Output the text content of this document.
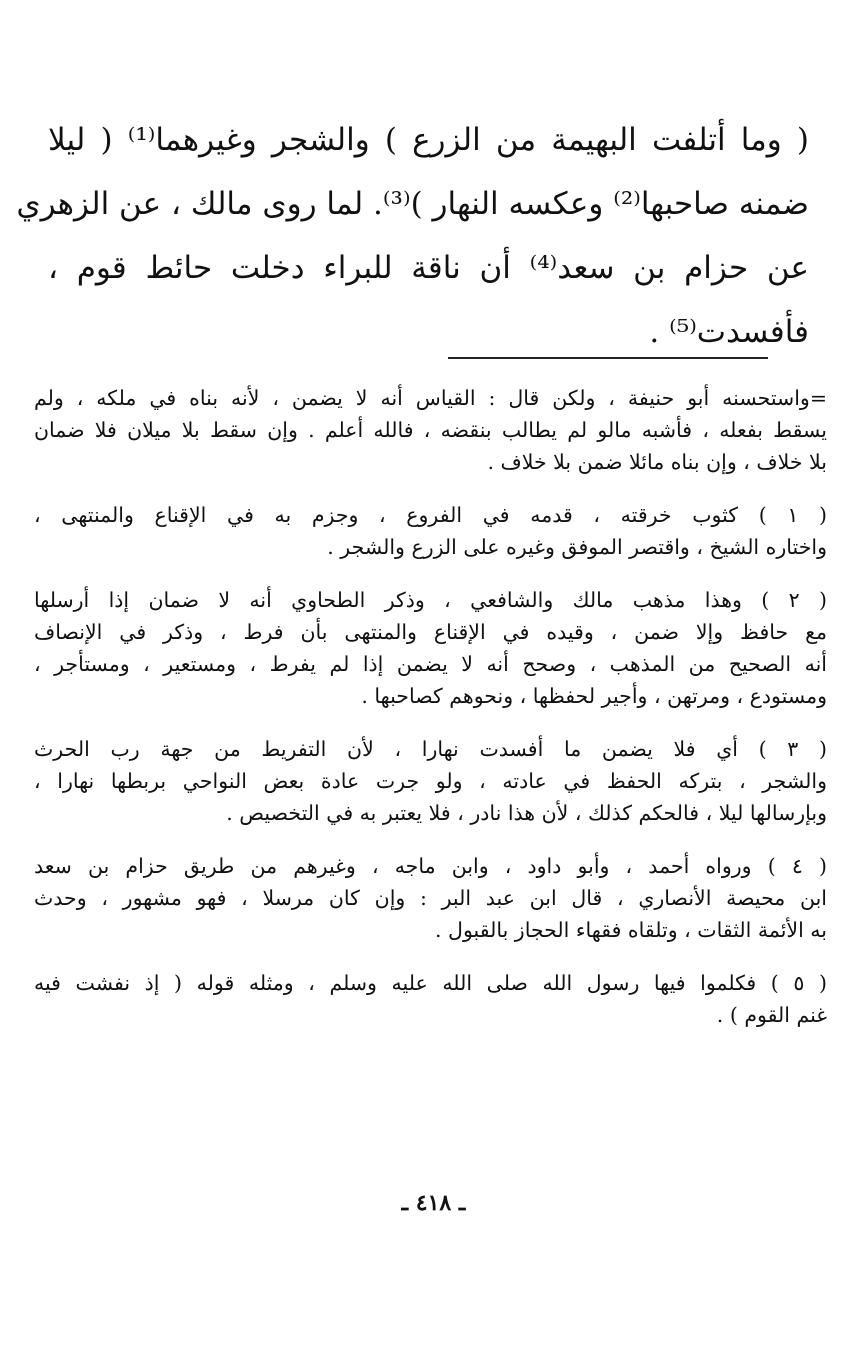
( وما أتلفت البهيمة من الزرع ) والشجر وغيرهما⁽¹⁾ ( ليلا
ضمنه صاحبها⁽²⁾ وعكسه النهار )⁽³⁾. لما روى مالك ، عن الزهري
عن حزام بن سعد⁽⁴⁾ أن ناقة للبراء دخلت حائط قوم ،
فأفسدت⁽⁵⁾ .
=واستحسنه أبو حنيفة ، ولكن قال : القياس أنه لا يضمن ، لأنه بناه في ملكه ، ولم
يسقط بفعله ، فأشبه مالو لم يطالب بنقضه ، فالله أعلم . وإن سقط بلا ميلان فلا ضمان
بلا خلاف ، وإن بناه مائلا ضمن بلا خلاف .
( ١ ) كثوب خرقته ، قدمه في الفروع ، وجزم به في الإقناع والمنتهى ،
واختاره الشيخ ، واقتصر الموفق وغيره على الزرع والشجر .
( ٢ ) وهذا مذهب مالك والشافعي ، وذكر الطحاوي أنه لا ضمان إذا أرسلها
مع حافظ وإلا ضمن ، وقيده في الإقناع والمنتهى بأن فرط ، وذكر في الإنصاف
أنه الصحيح من المذهب ، وصحح أنه لا يضمن إذا لم يفرط ، ومستعير ، ومستأجر ،
ومستودع ، ومرتهن ، وأجير لحفظها ، ونحوهم كصاحبها .
( ٣ ) أي فلا يضمن ما أفسدت نهارا ، لأن التفريط من جهة رب الحرث
والشجر ، بتركه الحفظ في عادته ، ولو جرت عادة بعض النواحي بربطها نهارا ،
وبإرسالها ليلا ، فالحكم كذلك ، لأن هذا نادر ، فلا يعتبر به في التخصيص .
( ٤ ) ورواه أحمد ، وأبو داود ، وابن ماجه ، وغيرهم من طريق حزام بن سعد
ابن محيصة الأنصاري ، قال ابن عبد البر : وإن كان مرسلا ، فهو مشهور ، وحدث
به الأئمة الثقات ، وتلقاه فقهاء الحجاز بالقبول .
( ٥ ) فكلموا فيها رسول الله صلى الله عليه وسلم ، ومثله قوله ( إذ نفشت فيه
غنم القوم ) .
ـ ٤١٨ ـ
